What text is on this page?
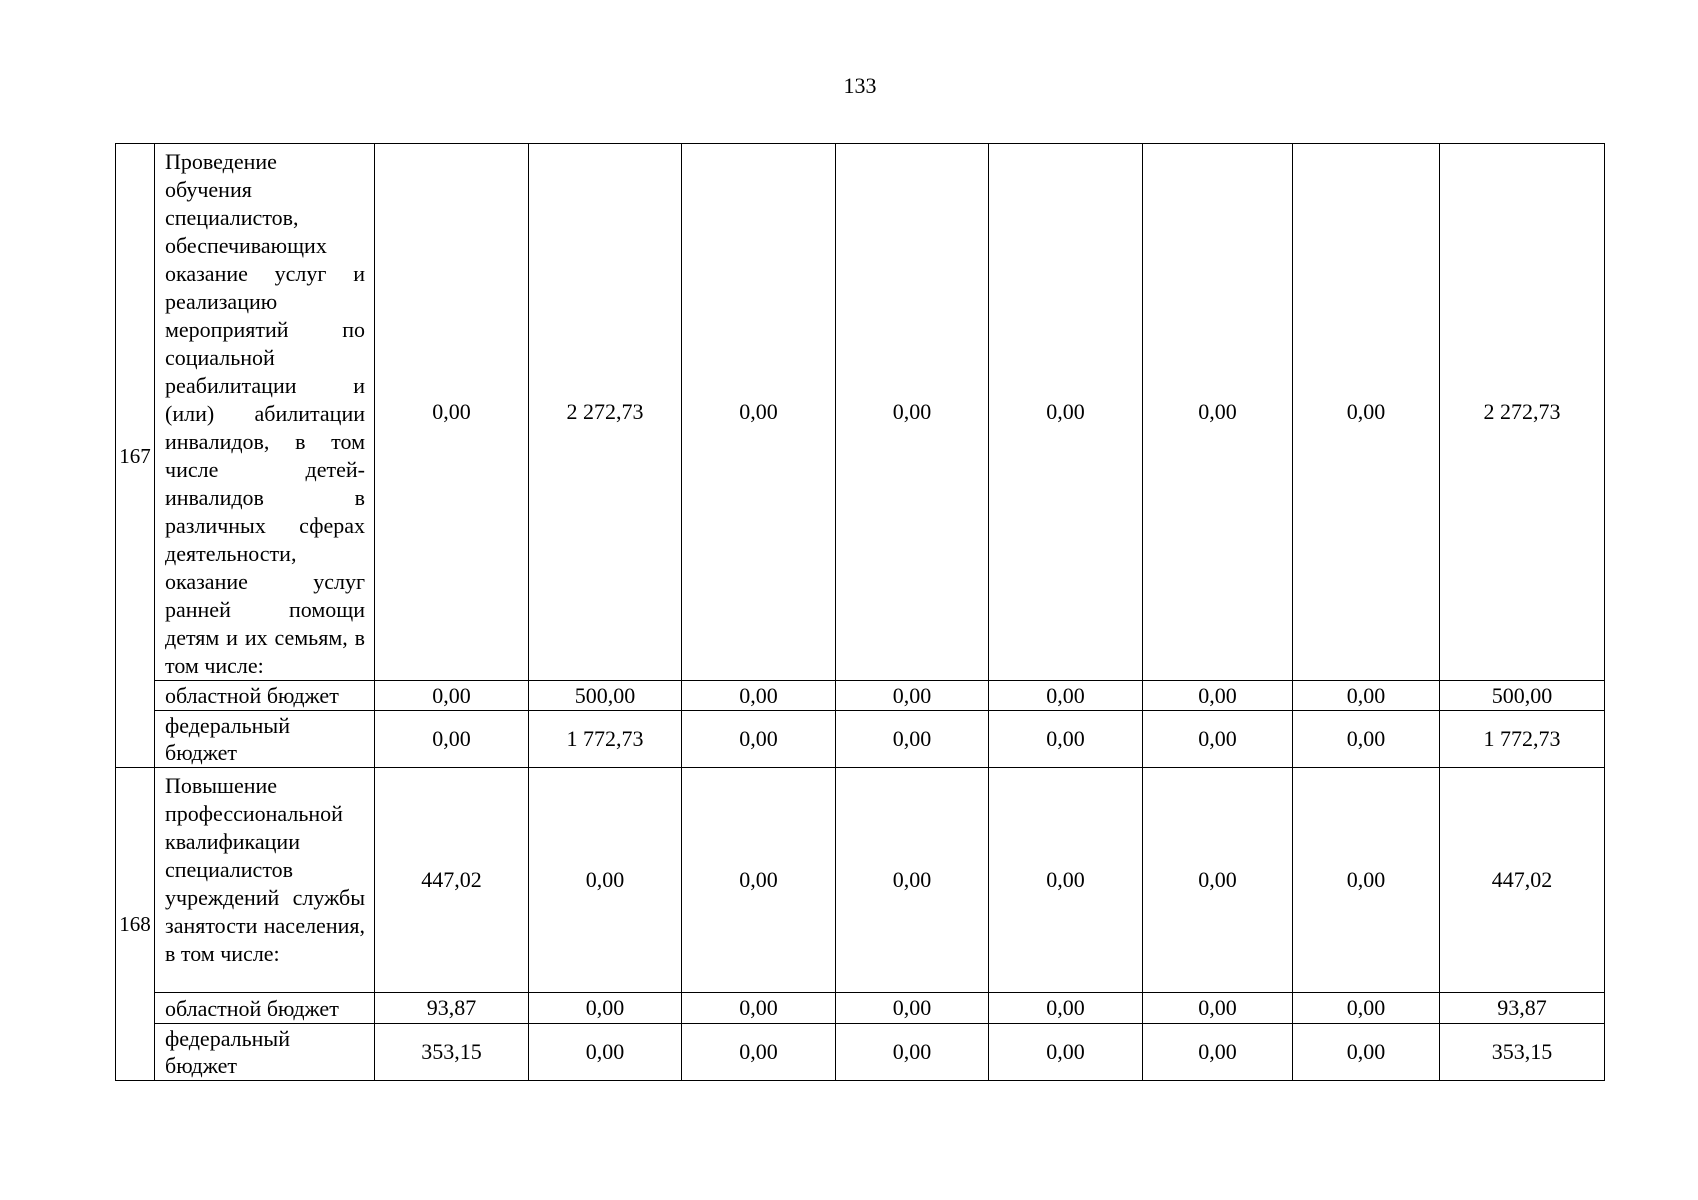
133
167	Проведение обучения специалистов, обеспечивающих оказание услуг и реализацию мероприятий по социальной реабилитации и (или) абилитации инвалидов, в том числе детей-инвалидов в различных сферах деятельности, оказание услуг ранней помощи детям и их семьям, в том числе:	0,00	2 272,73	0,00	0,00	0,00	0,00	0,00	2 272,73
	областной бюджет	0,00	500,00	0,00	0,00	0,00	0,00	0,00	500,00
	федеральный бюджет	0,00	1 772,73	0,00	0,00	0,00	0,00	0,00	1 772,73
168	Повышение профессиональной квалификации специалистов учреждений службы занятости населения, в том числе:	447,02	0,00	0,00	0,00	0,00	0,00	0,00	447,02
	областной бюджет	93,87	0,00	0,00	0,00	0,00	0,00	0,00	93,87
	федеральный бюджет	353,15	0,00	0,00	0,00	0,00	0,00	0,00	353,15
